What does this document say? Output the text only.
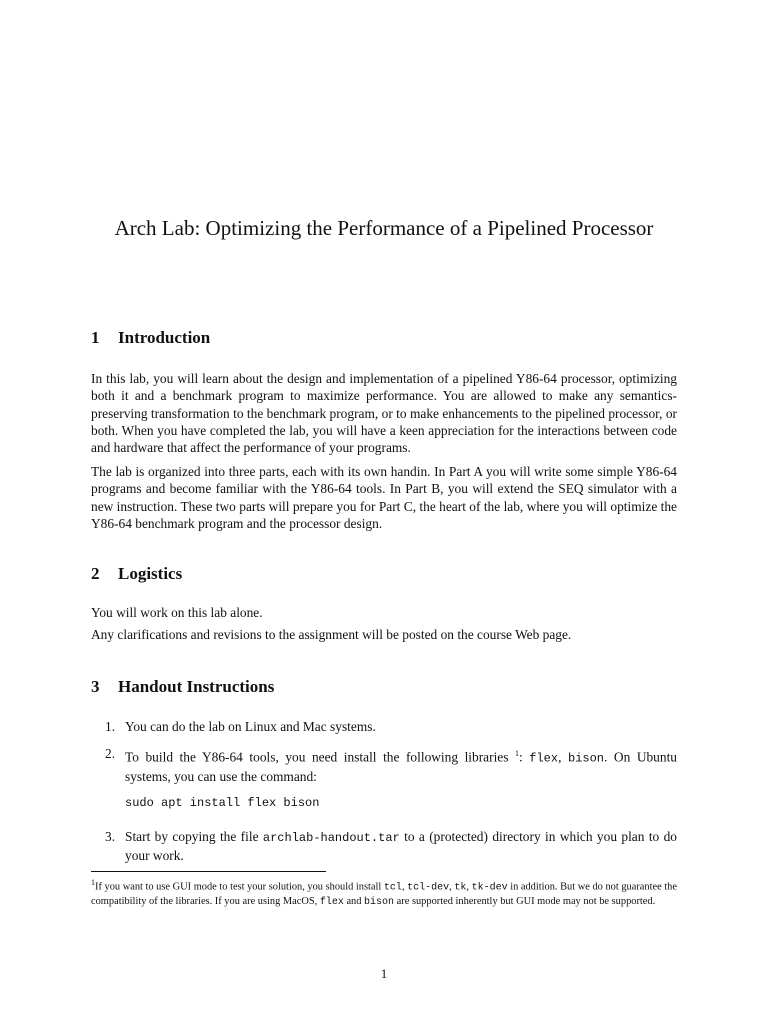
Arch Lab: Optimizing the Performance of a Pipelined Processor
1 Introduction

In this lab, you will learn about the design and implementation of a pipelined Y86-64 processor, optimizing both it and a benchmark program to maximize performance. You are allowed to make any semantics-preserving transformation to the benchmark program, or to make enhancements to the pipelined processor, or both. When you have completed the lab, you will have a keen appreciation for the interactions between code and hardware that affect the performance of your programs.

The lab is organized into three parts, each with its own handin. In Part A you will write some simple Y86-64 programs and become familiar with the Y86-64 tools. In Part B, you will extend the SEQ simulator with a new instruction. These two parts will prepare you for Part C, the heart of the lab, where you will optimize the Y86-64 benchmark program and the processor design.

2 Logistics

You will work on this lab alone.

Any clarifications and revisions to the assignment will be posted on the course Web page.

3 Handout Instructions
1. You can do the lab on Linux and Mac systems.
2. To build the Y86-64 tools, you need install the following libraries $^1$: flex, bison. On Ubuntu systems, you can use the command:
sudo apt install flex bison
3. Start by copying the file archlab-handout.tar to a (protected) directory in which you plan to do your work.
$^1$If you want to use GUI mode to test your solution, you should install tcl, tcl-dev, tk, tk-dev in addition. But we do not guarantee the compatibility of the libraries. If you are using MacOS, flex and bison are supported inherently but GUI mode may not be supported.
1
